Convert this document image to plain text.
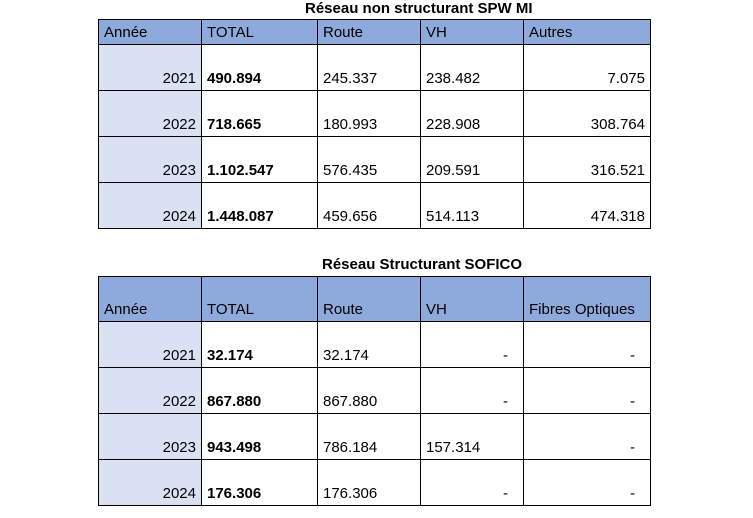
Réseau non structurant SPW MI
Année	TOTAL	Route	VH	Autres
2021	490.894	245.337	238.482	7.075
2022	718.665	180.993	228.908	308.764
2023	1.102.547	576.435	209.591	316.521
2024	1.448.087	459.656	514.113	474.318
Réseau Structurant SOFICO
Année	TOTAL	Route	VH	Fibres Optiques
2021	32.174	32.174	-	-
2022	867.880	867.880	-	-
2023	943.498	786.184	157.314	-
2024	176.306	176.306	-	-
